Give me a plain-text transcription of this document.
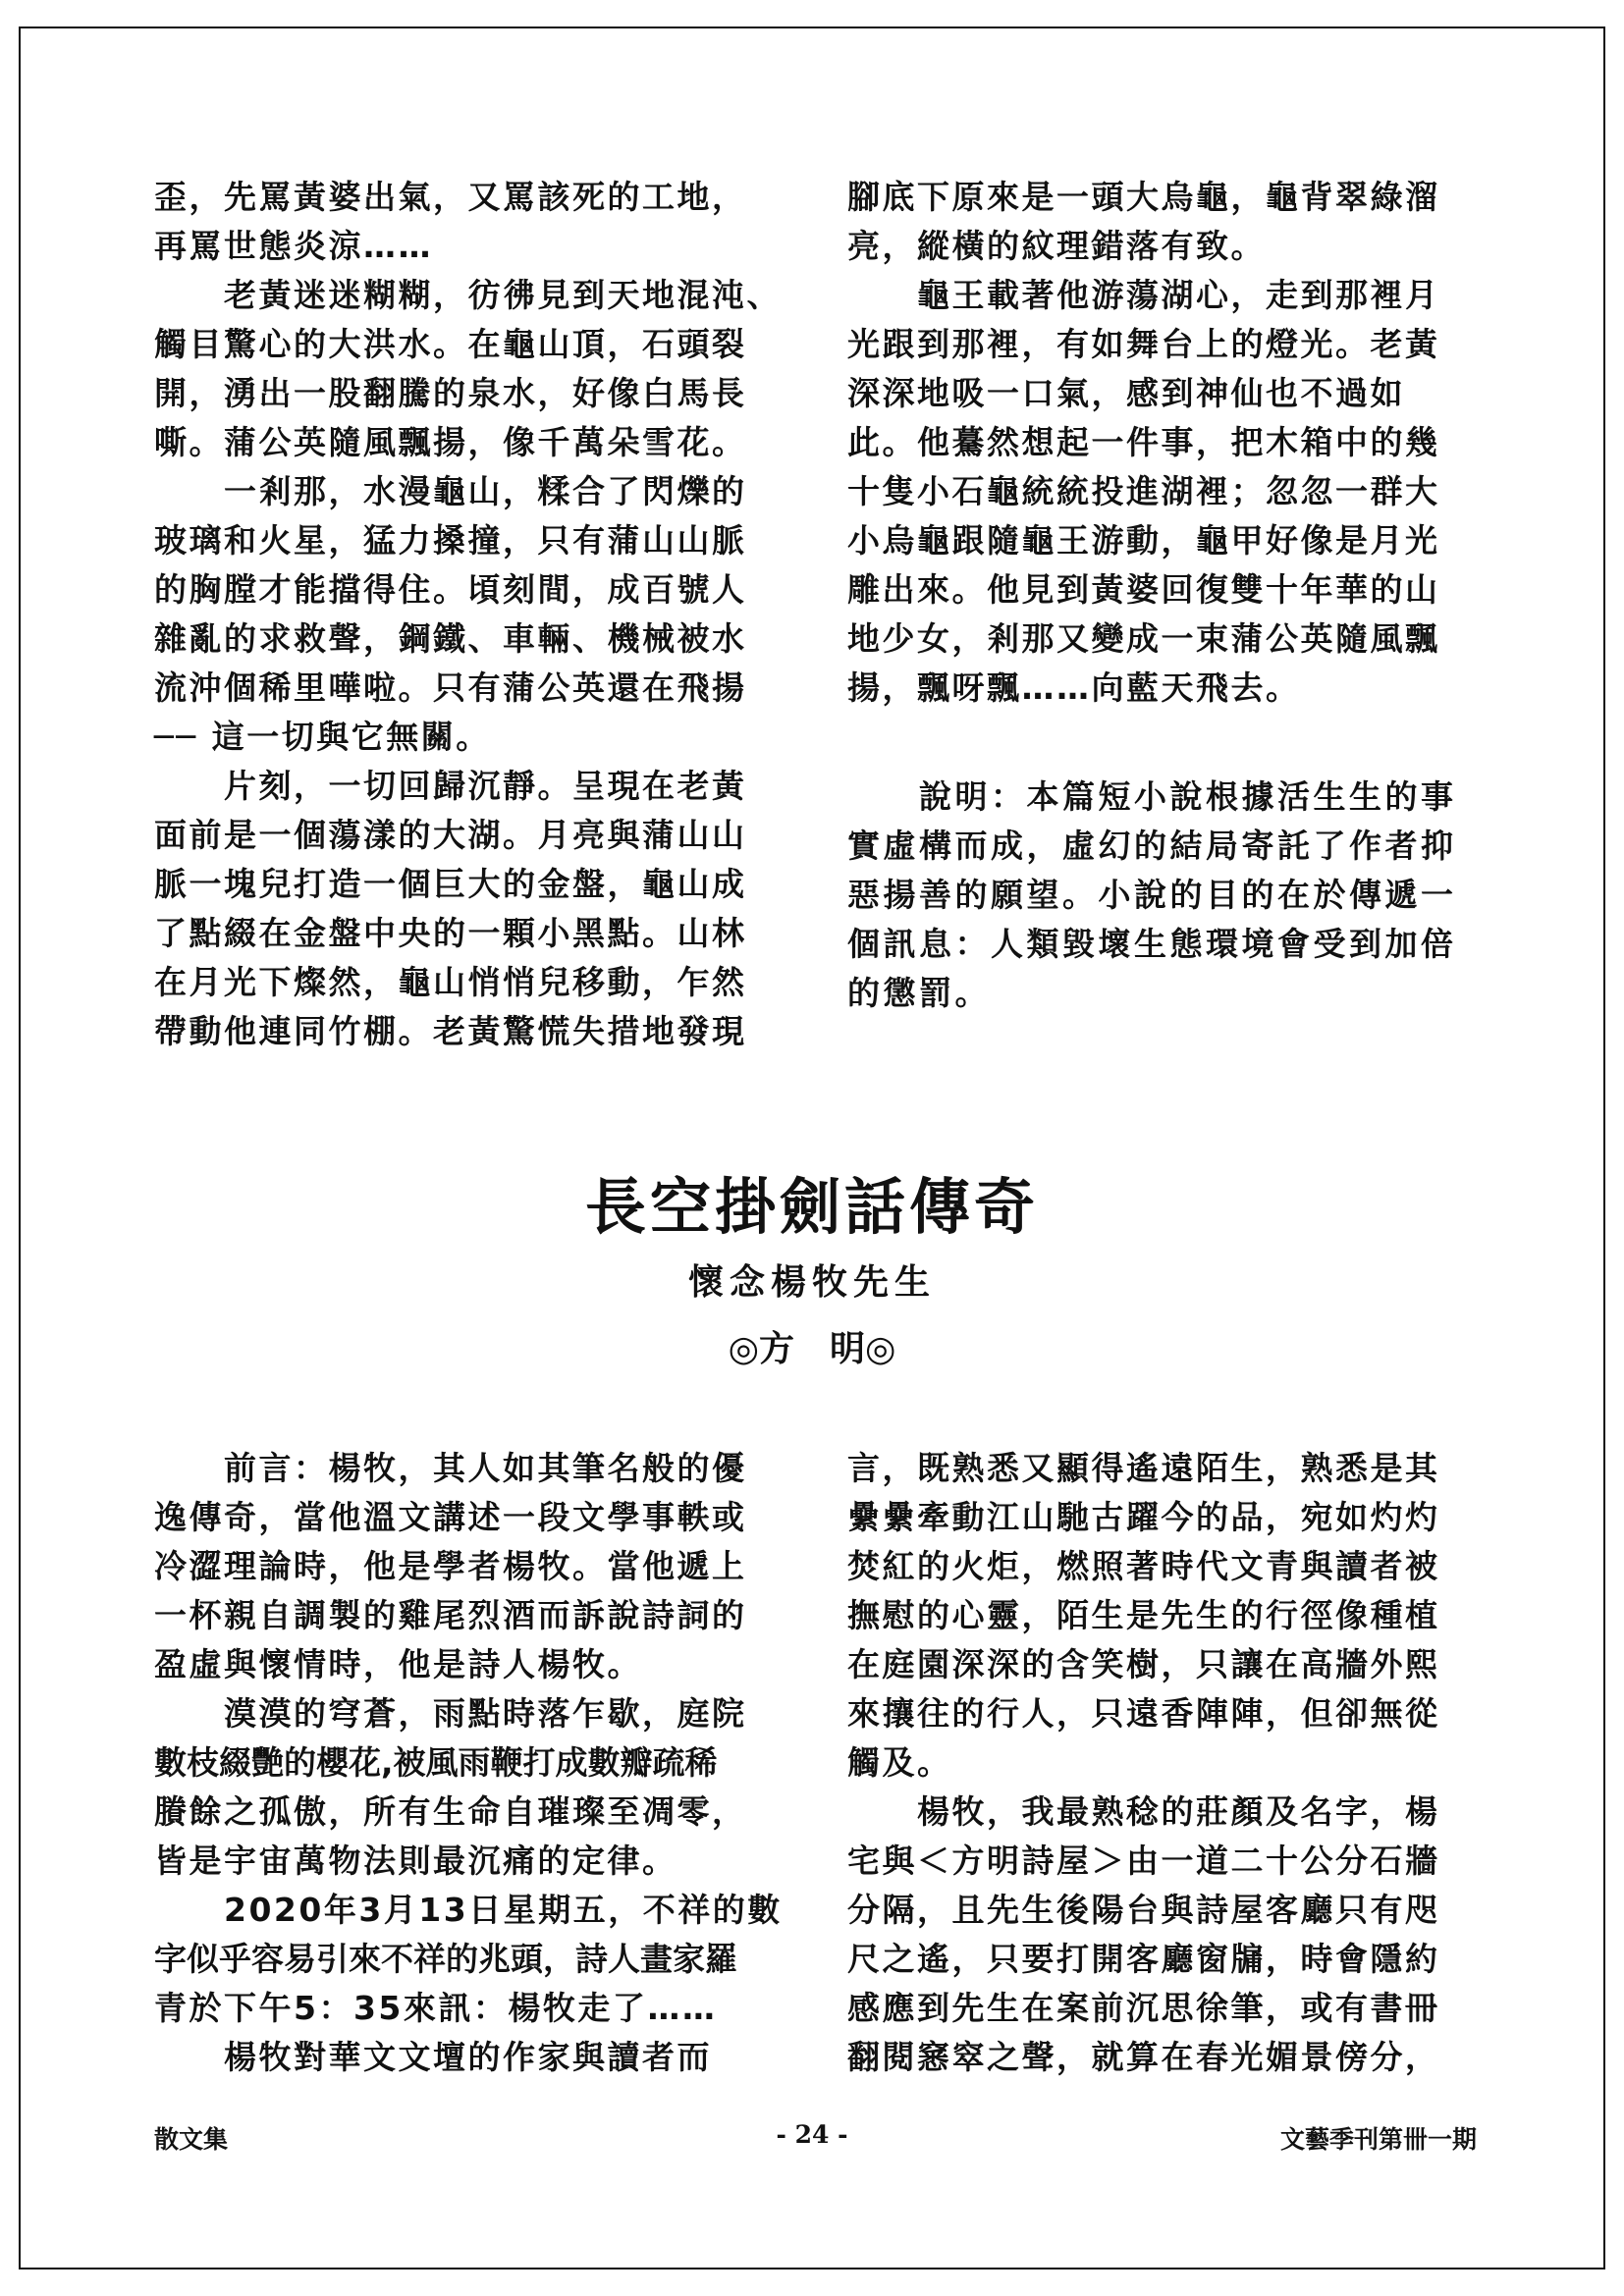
歪，先罵黃婆出氣，又罵該死的工地，

再罵世態炎涼……

　　老黃迷迷糊糊，彷彿見到天地混沌、

觸目驚心的大洪水。在龜山頂，石頭裂

開，湧出一股翻騰的泉水，好像白馬長

嘶。蒲公英隨風飄揚，像千萬朵雪花。

　　一剎那，水漫龜山，糅合了閃爍的

玻璃和火星，猛力搡撞，只有蒲山山脈

的胸膛才能擋得住。頃刻間，成百號人

雜亂的求救聲，鋼鐵、車輛、機械被水

流沖個稀里嘩啦。只有蒲公英還在飛揚

── 這一切與它無關。

　　片刻，一切回歸沉靜。呈現在老黃

面前是一個蕩漾的大湖。月亮與蒲山山

脈一塊兒打造一個巨大的金盤，龜山成

了點綴在金盤中央的一顆小黑點。山林

在月光下燦然，龜山悄悄兒移動，乍然

帶動他連同竹棚。老黃驚慌失措地發現

腳底下原來是一頭大烏龜，龜背翠綠溜

亮，縱橫的紋理錯落有致。

　　龜王載著他游蕩湖心，走到那裡月

光跟到那裡，有如舞台上的燈光。老黃

深深地吸一口氣，感到神仙也不過如

此。他驀然想起一件事，把木箱中的幾

十隻小石龜統統投進湖裡；忽忽一群大

小烏龜跟隨龜王游動，龜甲好像是月光

雕出來。他見到黃婆回復雙十年華的山

地少女，剎那又變成一束蒲公英隨風飄

揚，飄呀飄……向藍天飛去。

　　說明：本篇短小說根據活生生的事

實虛構而成，虛幻的結局寄託了作者抑

惡揚善的願望。小說的目的在於傳遞一

個訊息：人類毀壞生態環境會受到加倍

的懲罰。

長空掛劍話傳奇
懷念楊牧先生
◎方　明◎

　　前言：楊牧，其人如其筆名般的優

逸傳奇，當他溫文講述一段文學事軼或

冷澀理論時，他是學者楊牧。當他遞上

一杯親自調製的雞尾烈酒而訴說詩詞的

盈虛與懷情時，他是詩人楊牧。

　　漠漠的穹蒼，雨點時落乍歇，庭院

數枝綴艷的櫻花,被風雨鞭打成數瓣疏稀

賸餘之孤傲，所有生命自璀璨至凋零，

皆是宇宙萬物法則最沉痛的定律。

　　2020年3月13日星期五，不祥的數

字似乎容易引來不祥的兆頭，詩人畫家羅

青於下午5：35來訊：楊牧走了……

　　楊牧對華文文壇的作家與讀者而

言，既熟悉又顯得遙遠陌生，熟悉是其

纍纍牽動江山馳古躍今的品，宛如灼灼

焚紅的火炬，燃照著時代文青與讀者被

撫慰的心靈，陌生是先生的行徑像種植

在庭園深深的含笑樹，只讓在高牆外熙

來攘往的行人，只遠香陣陣，但卻無從

觸及。

　　楊牧，我最熟稔的莊顏及名字，楊

宅與＜方明詩屋＞由一道二十公分石牆

分隔，且先生後陽台與詩屋客廳只有咫

尺之遙，只要打開客廳窗牖，時會隱約

感應到先生在案前沉思徐筆，或有書冊

翻閱窸窣之聲，就算在春光媚景傍分，

散文集	- 24 -	文藝季刊第卌一期
